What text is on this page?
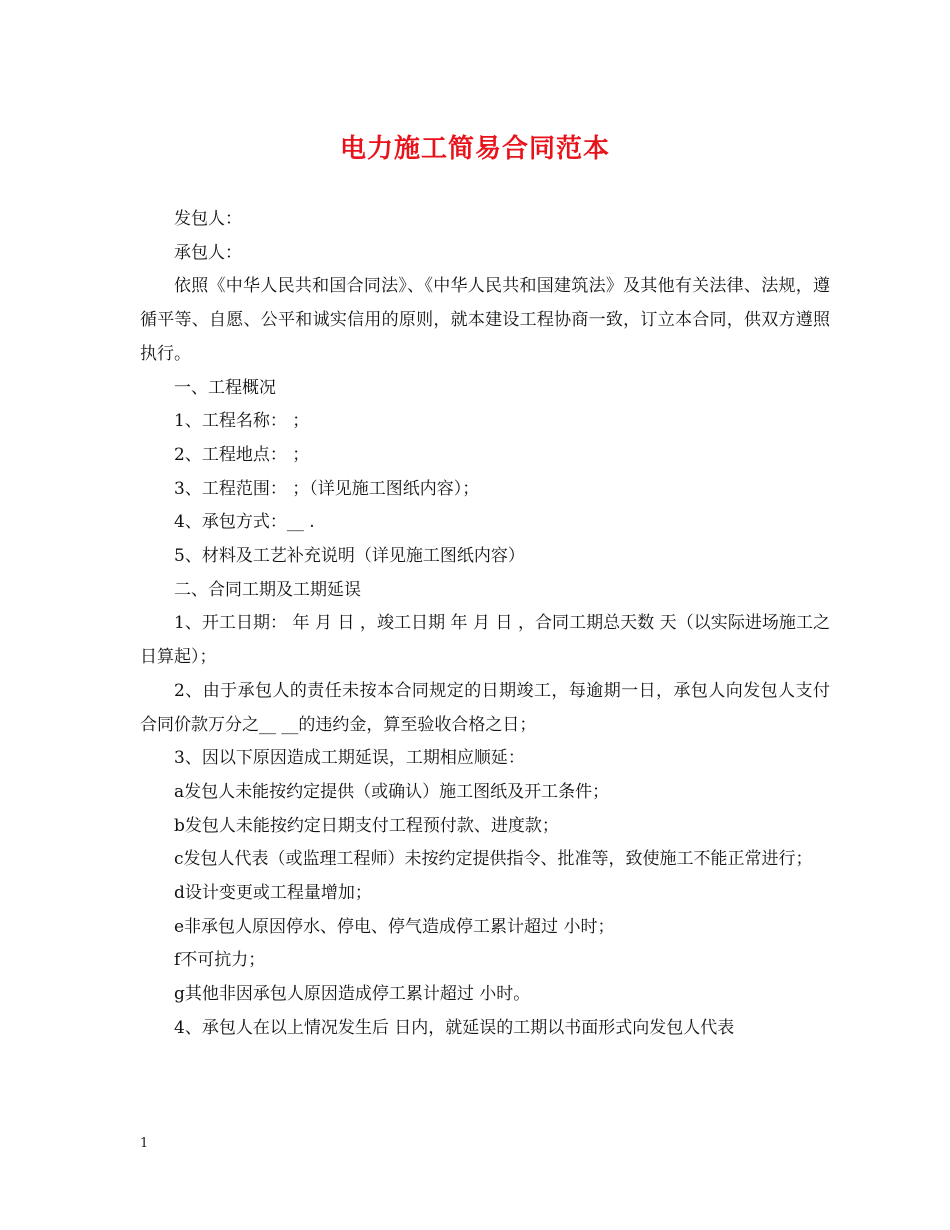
电力施工简易合同范本

发包人：

承包人：

依照《中华人民共和国合同法》、《中华人民共和国建筑法》及其他有关法律、法规，遵循平等、自愿、公平和诚实信用的原则，就本建设工程协商一致，订立本合同，供双方遵照执行。

一、工程概况

1、工程名称： ；

2、工程地点： ；

3、工程范围： ；（详见施工图纸内容）；

4、承包方式：__ .

5、材料及工艺补充说明（详见施工图纸内容）

二、合同工期及工期延误

1、开工日期： 年 月 日 ，竣工日期 年 月 日 ，合同工期总天数 天（以实际进场施工之日算起）；

2、由于承包人的责任未按本合同规定的日期竣工，每逾期一日，承包人向发包人支付合同价款万分之__ __的违约金，算至验收合格之日；

3、因以下原因造成工期延误，工期相应顺延：

a发包人未能按约定提供（或确认）施工图纸及开工条件；

b发包人未能按约定日期支付工程预付款、进度款；

c发包人代表（或监理工程师）未按约定提供指令、批准等，致使施工不能正常进行；

d设计变更或工程量增加；

e非承包人原因停水、停电、停气造成停工累计超过 小时；

f不可抗力；

g其他非因承包人原因造成停工累计超过 小时。

4、承包人在以上情况发生后 日内，就延误的工期以书面形式向发包人代表

1
